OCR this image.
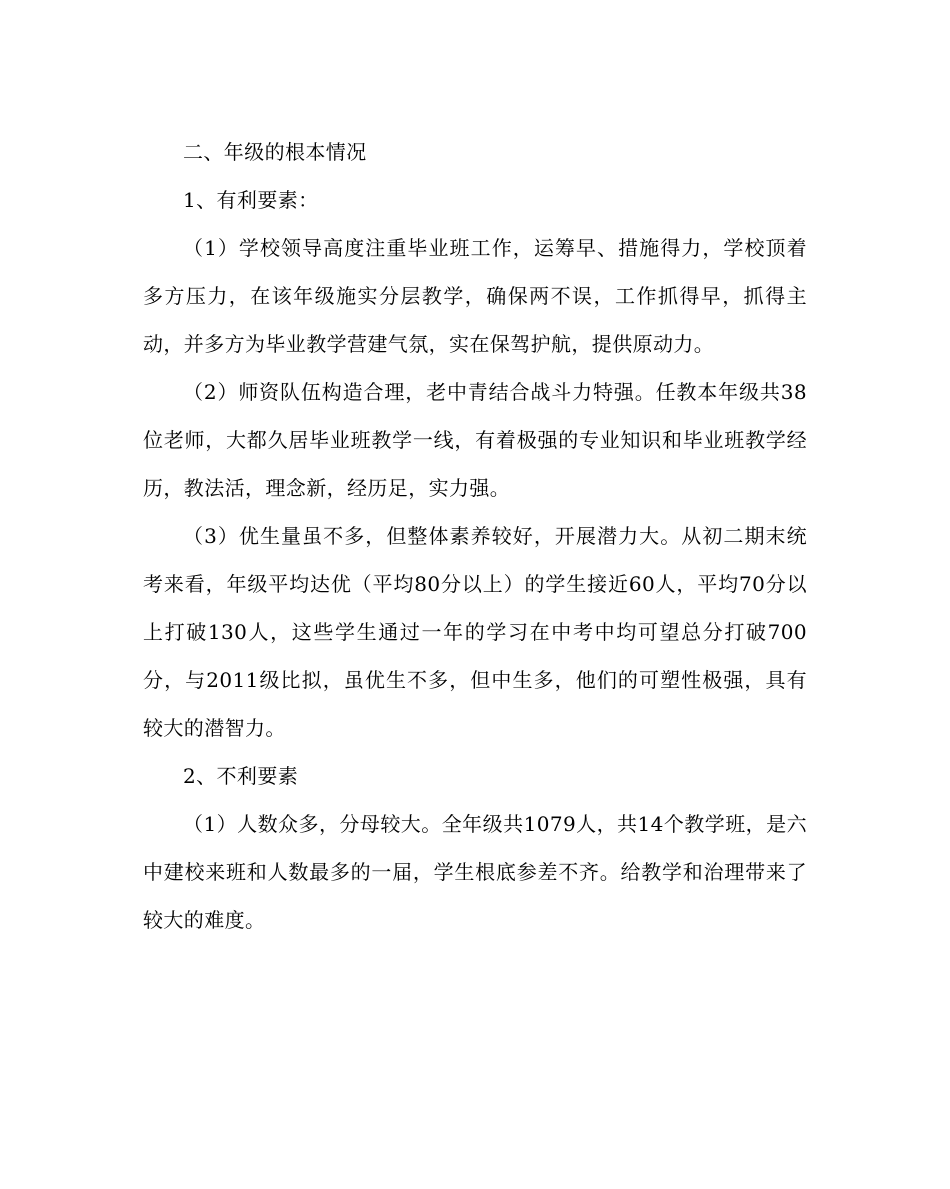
二、年级的根本情况

1、有利要素：

（1）学校领导高度注重毕业班工作，运筹早、措施得力，学校顶着多方压力，在该年级施实分层教学，确保两不误，工作抓得早，抓得主动，并多方为毕业教学营建气氛，实在保驾护航，提供原动力。

（2）师资队伍构造合理，老中青结合战斗力特强。任教本年级共38位老师，大都久居毕业班教学一线，有着极强的专业知识和毕业班教学经历，教法活，理念新，经历足，实力强。

（3）优生量虽不多，但整体素养较好，开展潜力大。从初二期末统考来看，年级平均达优（平均80分以上）的学生接近60人，平均70分以上打破130人，这些学生通过一年的学习在中考中均可望总分打破700分，与2011级比拟，虽优生不多，但中生多，他们的可塑性极强，具有较大的潜智力。

2、不利要素

（1）人数众多，分母较大。全年级共1079人，共14个教学班，是六中建校来班和人数最多的一届，学生根底参差不齐。给教学和治理带来了较大的难度。
